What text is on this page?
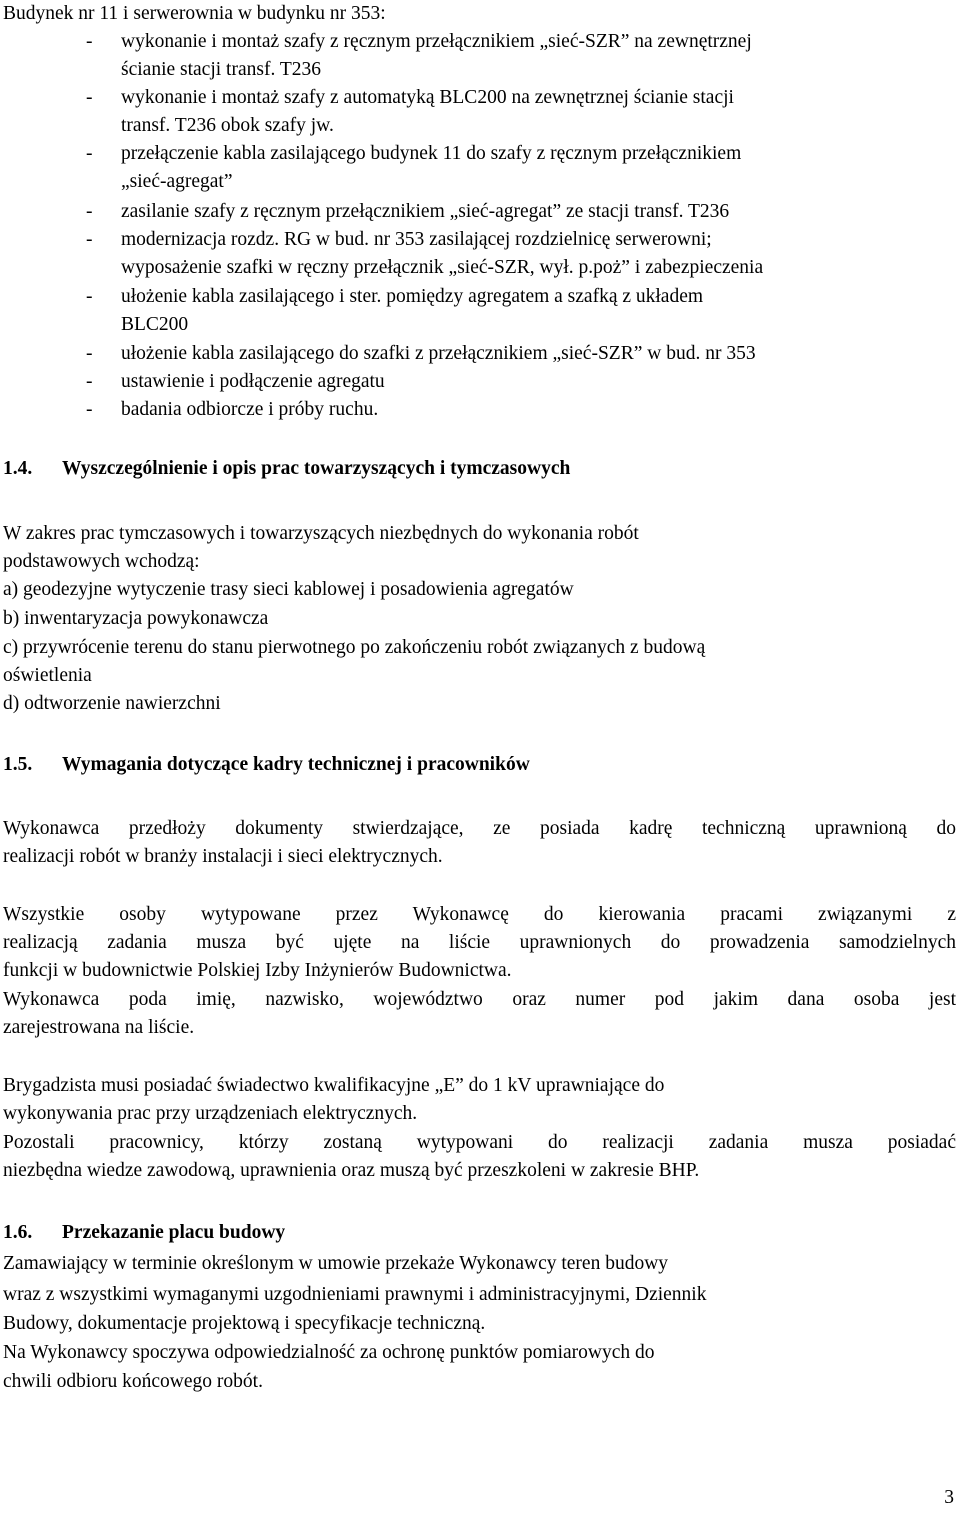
Budynek nr 11 i serwerownia w budynku nr 353:
- wykonanie i montaż szafy z ręcznym przełącznikiem „sieć-SZR” na zewnętrznej
ścianie stacji transf. T236
- wykonanie i montaż szafy z automatyką BLC200 na zewnętrznej ścianie stacji
transf. T236 obok szafy jw.
- przełączenie kabla zasilającego budynek 11 do szafy z ręcznym przełącznikiem
„sieć-agregat”
- zasilanie szafy z ręcznym przełącznikiem „sieć-agregat” ze stacji transf. T236
- modernizacja rozdz. RG w bud. nr 353 zasilającej rozdzielnicę serwerowni;
wyposażenie szafki w ręczny przełącznik „sieć-SZR, wył. p.poż” i zabezpieczenia
- ułożenie kabla zasilającego i ster. pomiędzy agregatem a szafką z układem
BLC200
- ułożenie kabla zasilającego do szafki z przełącznikiem „sieć-SZR” w bud. nr 353
- ustawienie i podłączenie agregatu
- badania odbiorcze i próby ruchu.
1.4. Wyszczególnienie i opis prac towarzyszących i tymczasowych
W zakres prac tymczasowych i towarzyszących niezbędnych do wykonania robót
podstawowych wchodzą:
a) geodezyjne wytyczenie trasy sieci kablowej i posadowienia agregatów
b) inwentaryzacja powykonawcza
c) przywrócenie terenu do stanu pierwotnego po zakończeniu robót związanych z budową
oświetlenia
d) odtworzenie nawierzchni
1.5. Wymagania dotyczące kadry technicznej i pracowników
Wykonawca przedłoży dokumenty stwierdzające, ze posiada kadrę techniczną uprawnioną do
realizacji robót w branży instalacji i sieci elektrycznych.
Wszystkie osoby wytypowane przez Wykonawcę do kierowania pracami związanymi z
realizacją zadania musza być ujęte na liście uprawnionych do prowadzenia samodzielnych
funkcji w budownictwie Polskiej Izby Inżynierów Budownictwa.
Wykonawca poda imię, nazwisko, województwo oraz numer pod jakim dana osoba jest
zarejestrowana na liście.
Brygadzista musi posiadać świadectwo kwalifikacyjne „E” do 1 kV uprawniające do
wykonywania prac przy urządzeniach elektrycznych.
Pozostali pracownicy, którzy zostaną wytypowani do realizacji zadania musza posiadać
niezbędna wiedze zawodową, uprawnienia oraz muszą być przeszkoleni w zakresie BHP.
1.6. Przekazanie placu budowy
Zamawiający w terminie określonym w umowie przekaże Wykonawcy teren budowy
wraz z wszystkimi wymaganymi uzgodnieniami prawnymi i administracyjnymi, Dziennik
Budowy, dokumentacje projektową i specyfikacje techniczną.
Na Wykonawcy spoczywa odpowiedzialność za ochronę punktów pomiarowych do
chwili odbioru końcowego robót.
3
